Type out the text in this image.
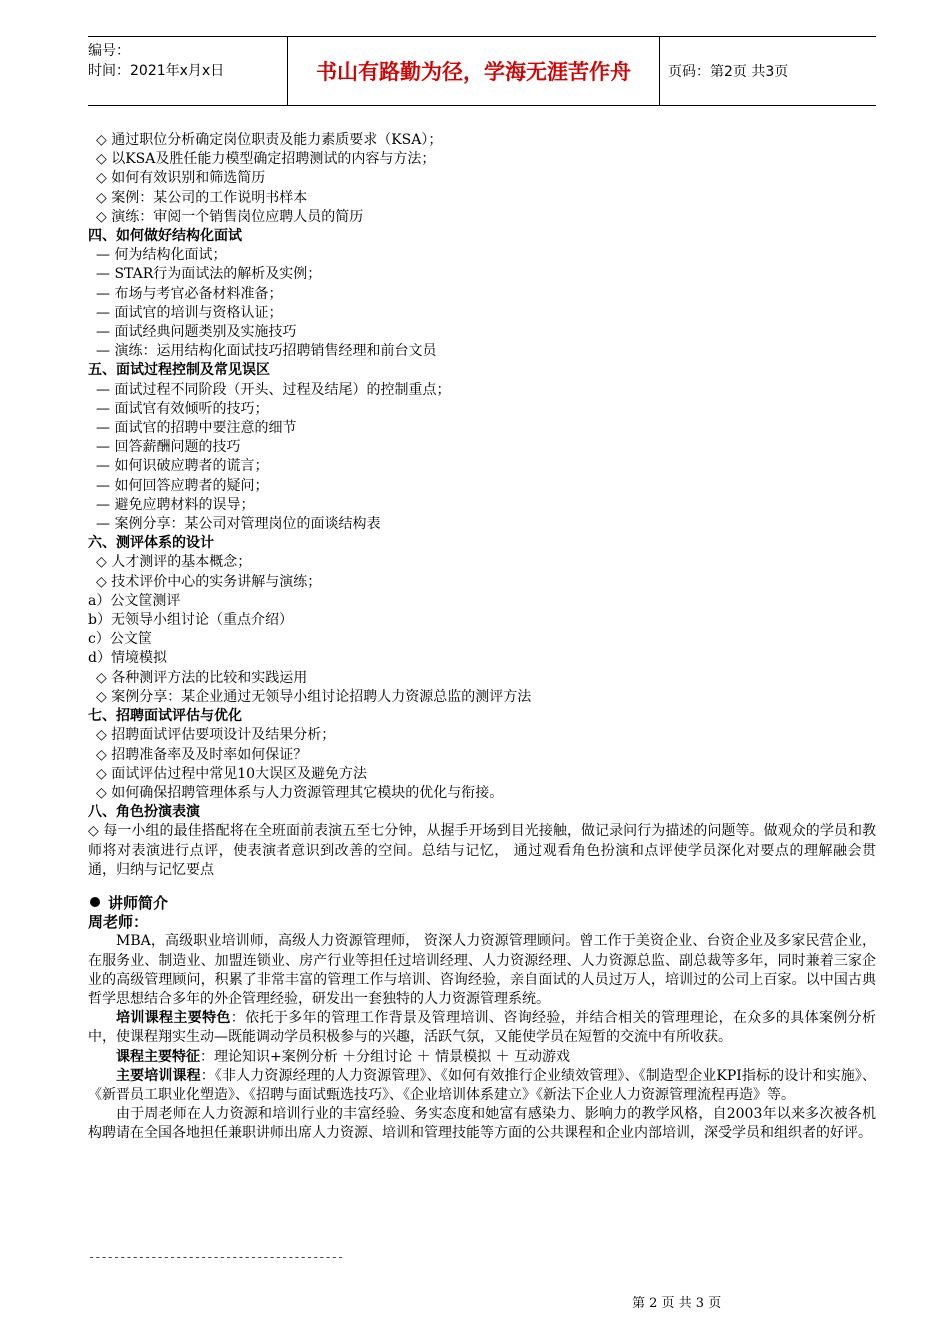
编号：
时间：2021年x月x日	书山有路勤为径，学海无涯苦作舟	页码：第2页 共3页
◇ 通过职位分析确定岗位职责及能力素质要求（KSA）；
◇ 以KSA及胜任能力模型确定招聘测试的内容与方法；
◇ 如何有效识别和筛选简历
◇ 案例：某公司的工作说明书样本
◇ 演练：审阅一个销售岗位应聘人员的简历
四、如何做好结构化面试
— 何为结构化面试；
— STAR行为面试法的解析及实例；
— 布场与考官必备材料准备；
— 面试官的培训与资格认证；
— 面试经典问题类别及实施技巧
— 演练：运用结构化面试技巧招聘销售经理和前台文员
五、面试过程控制及常见误区
— 面试过程不同阶段（开头、过程及结尾）的控制重点；
— 面试官有效倾听的技巧；
— 面试官的招聘中要注意的细节
— 回答薪酬问题的技巧
— 如何识破应聘者的谎言；
— 如何回答应聘者的疑问；
— 避免应聘材料的误导；
— 案例分享：某公司对管理岗位的面谈结构表
六、测评体系的设计
◇ 人才测评的基本概念；
◇ 技术评价中心的实务讲解与演练；
a）公文筐测评
b）无领导小组讨论（重点介绍）
c）公文筐
d）情境模拟
◇ 各种测评方法的比较和实践运用
◇ 案例分享：某企业通过无领导小组讨论招聘人力资源总监的测评方法
七、招聘面试评估与优化
◇ 招聘面试评估要项设计及结果分析；
◇ 招聘准备率及及时率如何保证？
◇ 面试评估过程中常见10大误区及避免方法
◇ 如何确保招聘管理体系与人力资源管理其它模块的优化与衔接。
八、角色扮演表演
◇ 每一小组的最佳搭配将在全班面前表演五至七分钟，从握手开场到目光接触，做记录问行为描述的问题等。做观众的学员和教师将对表演进行点评，使表演者意识到改善的空间。总结与记忆， 通过观看角色扮演和点评使学员深化对要点的理解融会贯通，归纳与记忆要点
讲师简介
周老师：
MBA，高级职业培训师，高级人力资源管理师， 资深人力资源管理顾问。曾工作于美资企业、台资企业及多家民营企业，在服务业、制造业、加盟连锁业、房产行业等担任过培训经理、人力资源经理、人力资源总监、副总裁等多年，同时兼着三家企业的高级管理顾问，积累了非常丰富的管理工作与培训、咨询经验，亲自面试的人员过万人，培训过的公司上百家。以中国古典哲学思想结合多年的外企管理经验，研发出一套独特的人力资源管理系统。
培训课程主要特色：依托于多年的管理工作背景及管理培训、咨询经验，并结合相关的管理理论，在众多的具体案例分析中，使课程翔实生动—既能调动学员积极参与的兴趣，活跃气氛，又能使学员在短暂的交流中有所收获。
课程主要特征：理论知识+案例分析 ＋分组讨论 ＋ 情景模拟 ＋ 互动游戏
主要培训课程：《非人力资源经理的人力资源管理》、《如何有效推行企业绩效管理》、《制造型企业KPI指标的设计和实施》、《新晋员工职业化塑造》、《招聘与面试甄选技巧》、《企业培训体系建立》《新法下企业人力资源管理流程再造》等。
由于周老师在人力资源和培训行业的丰富经验、务实态度和她富有感染力、影响力的教学风格，自2003年以来多次被各机构聘请在全国各地担任兼职讲师出席人力资源、培训和管理技能等方面的公共课程和企业内部培训，深受学员和组织者的好评。
-----------------------------------------
第 2 页 共 3 页
